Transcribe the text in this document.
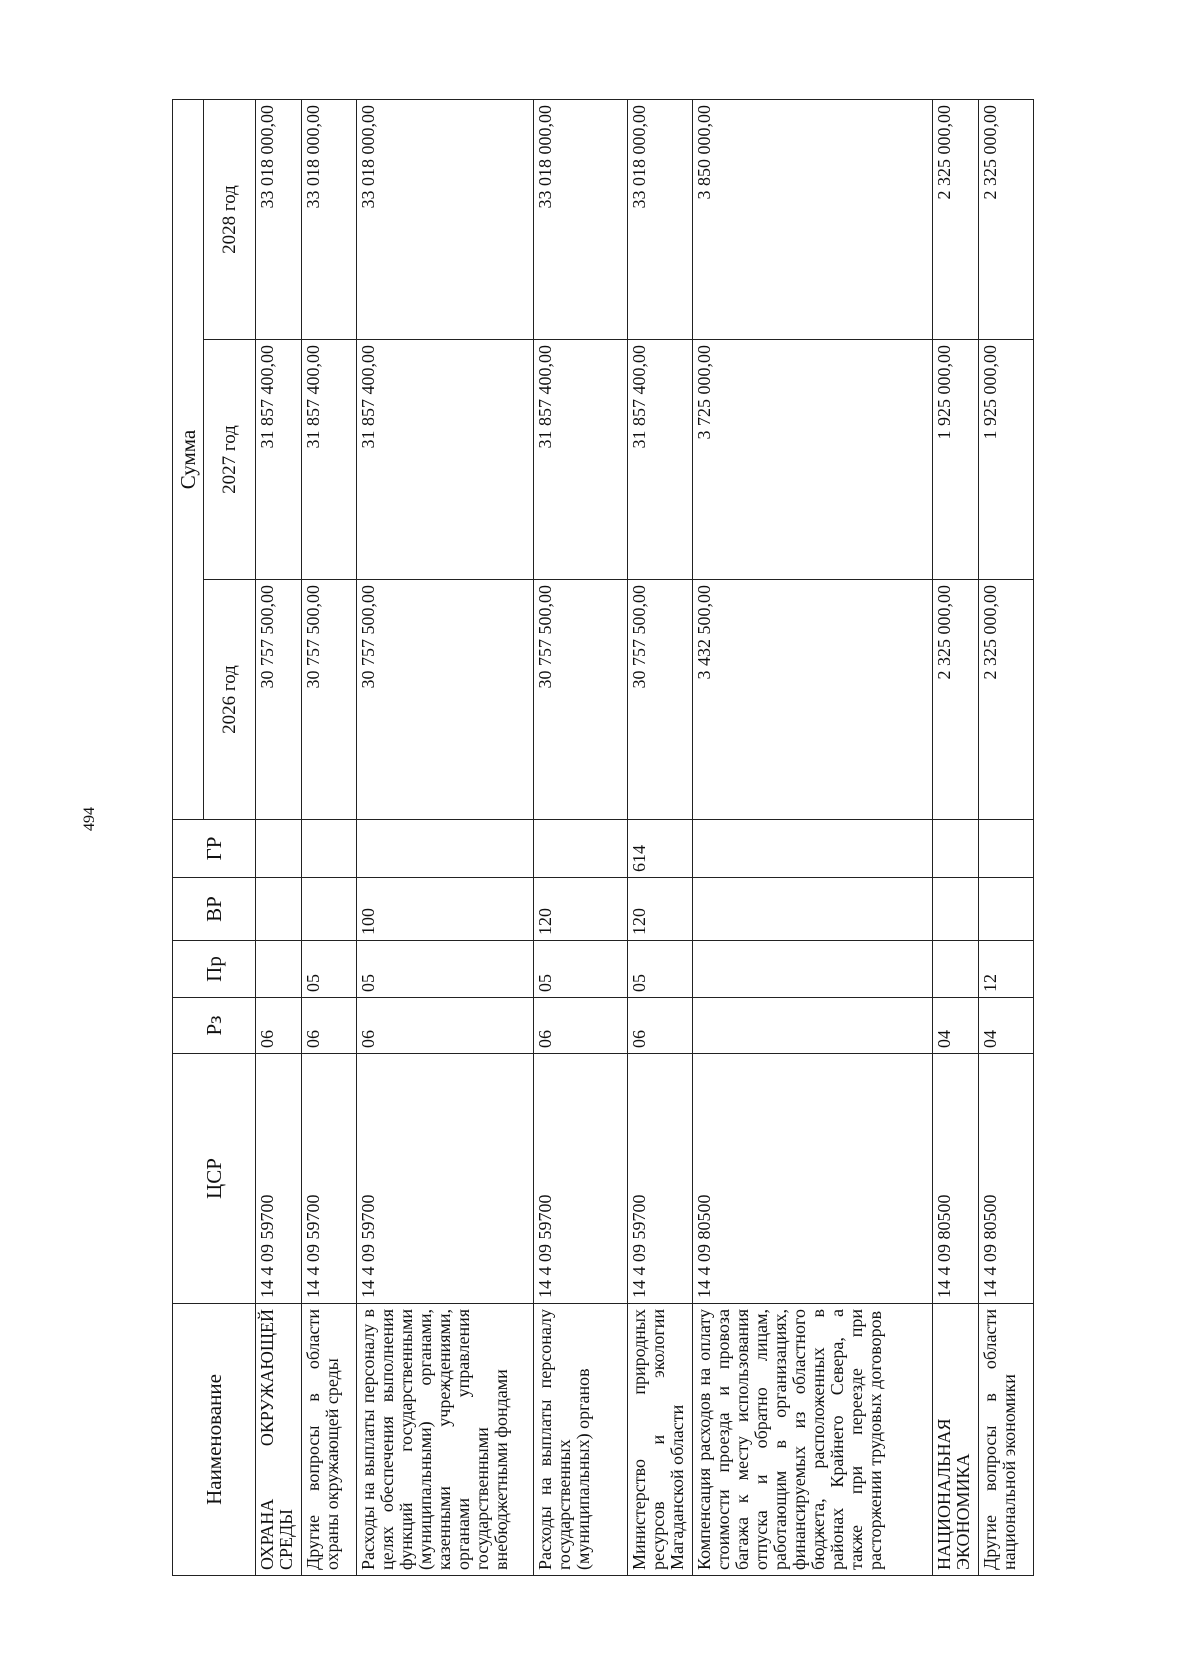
494
Наименование	ЦСР	Рз	Пр	ВР	ГР	Сумма		
						2026 год	2027 год	2028 год
ОХРАНА ОКРУЖАЮЩЕЙ СРЕДЫ	14 4 09 59700	06				30 757 500,00	31 857 400,00	33 018 000,00
Другие вопросы в области охраны окружающей среды	14 4 09 59700	06	05			30 757 500,00	31 857 400,00	33 018 000,00
Расходы на выплаты персоналу в целях обеспечения выполнения функций государственными (муниципальными) органами, казенными учреждениями, органами управления государственными внебюджетными фондами	14 4 09 59700	06	05	100		30 757 500,00	31 857 400,00	33 018 000,00
Расходы на выплаты персоналу государственных (муниципальных) органов	14 4 09 59700	06	05	120		30 757 500,00	31 857 400,00	33 018 000,00
Министерство природных ресурсов и экологии Магаданской области	14 4 09 59700	06	05	120	614	30 757 500,00	31 857 400,00	33 018 000,00
Компенсация расходов на оплату стоимости проезда и провоза багажа к месту использования отпуска и обратно лицам, работающим в организациях, финансируемых из областного бюджета, расположенных в районах Крайнего Севера, а также при переезде при расторжении трудовых договоров	14 4 09 80500					3 432 500,00	3 725 000,00	3 850 000,00
НАЦИОНАЛЬНАЯ ЭКОНОМИКА	14 4 09 80500	04				2 325 000,00	1 925 000,00	2 325 000,00
Другие вопросы в области национальной экономики	14 4 09 80500	04	12			2 325 000,00	1 925 000,00	2 325 000,00
